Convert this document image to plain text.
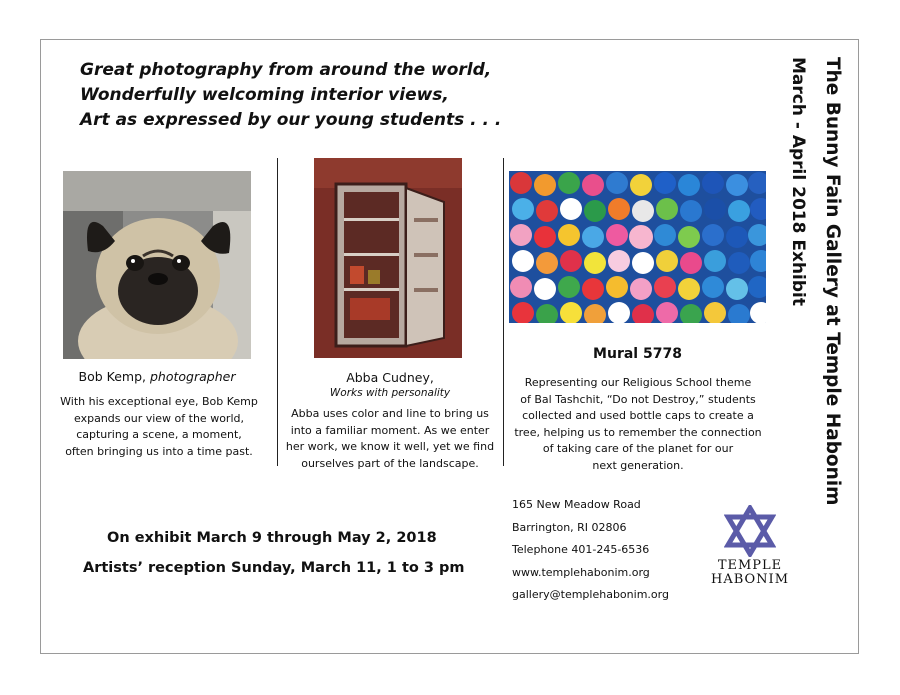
Great photography from around the world,
Wonderfully welcoming interior views,
Art as expressed by our young students . . .	The Bunny Fain Gallery at Temple Habonim
March - April 2018 Exhibit
Bob Kemp, photographer
With his exceptional eye, Bob Kemp
expands our view of the world,
capturing a scene, a moment,
often bringing us into a time past.
Abba Cudney,
Works with personality
Abba uses color and line to bring us
into a familiar moment. As we enter
her work, we know it well, yet we find
ourselves part of the landscape.
Mural 5778
Representing our Religious School theme
of Bal Tashchit, “Do not Destroy,” students
collected and used bottle caps to create a
tree, helping us to remember the connection
of taking care of the planet for our
next generation.
On exhibit March 9 through May 2, 2018
Artists’ reception Sunday, March 11, 1 to 3 pm
165 New Meadow Road
Barrington, RI 02806
Telephone 401-245-6536
www.templehabonim.org
gallery@templehabonim.org
TEMPLE
HABONIM
